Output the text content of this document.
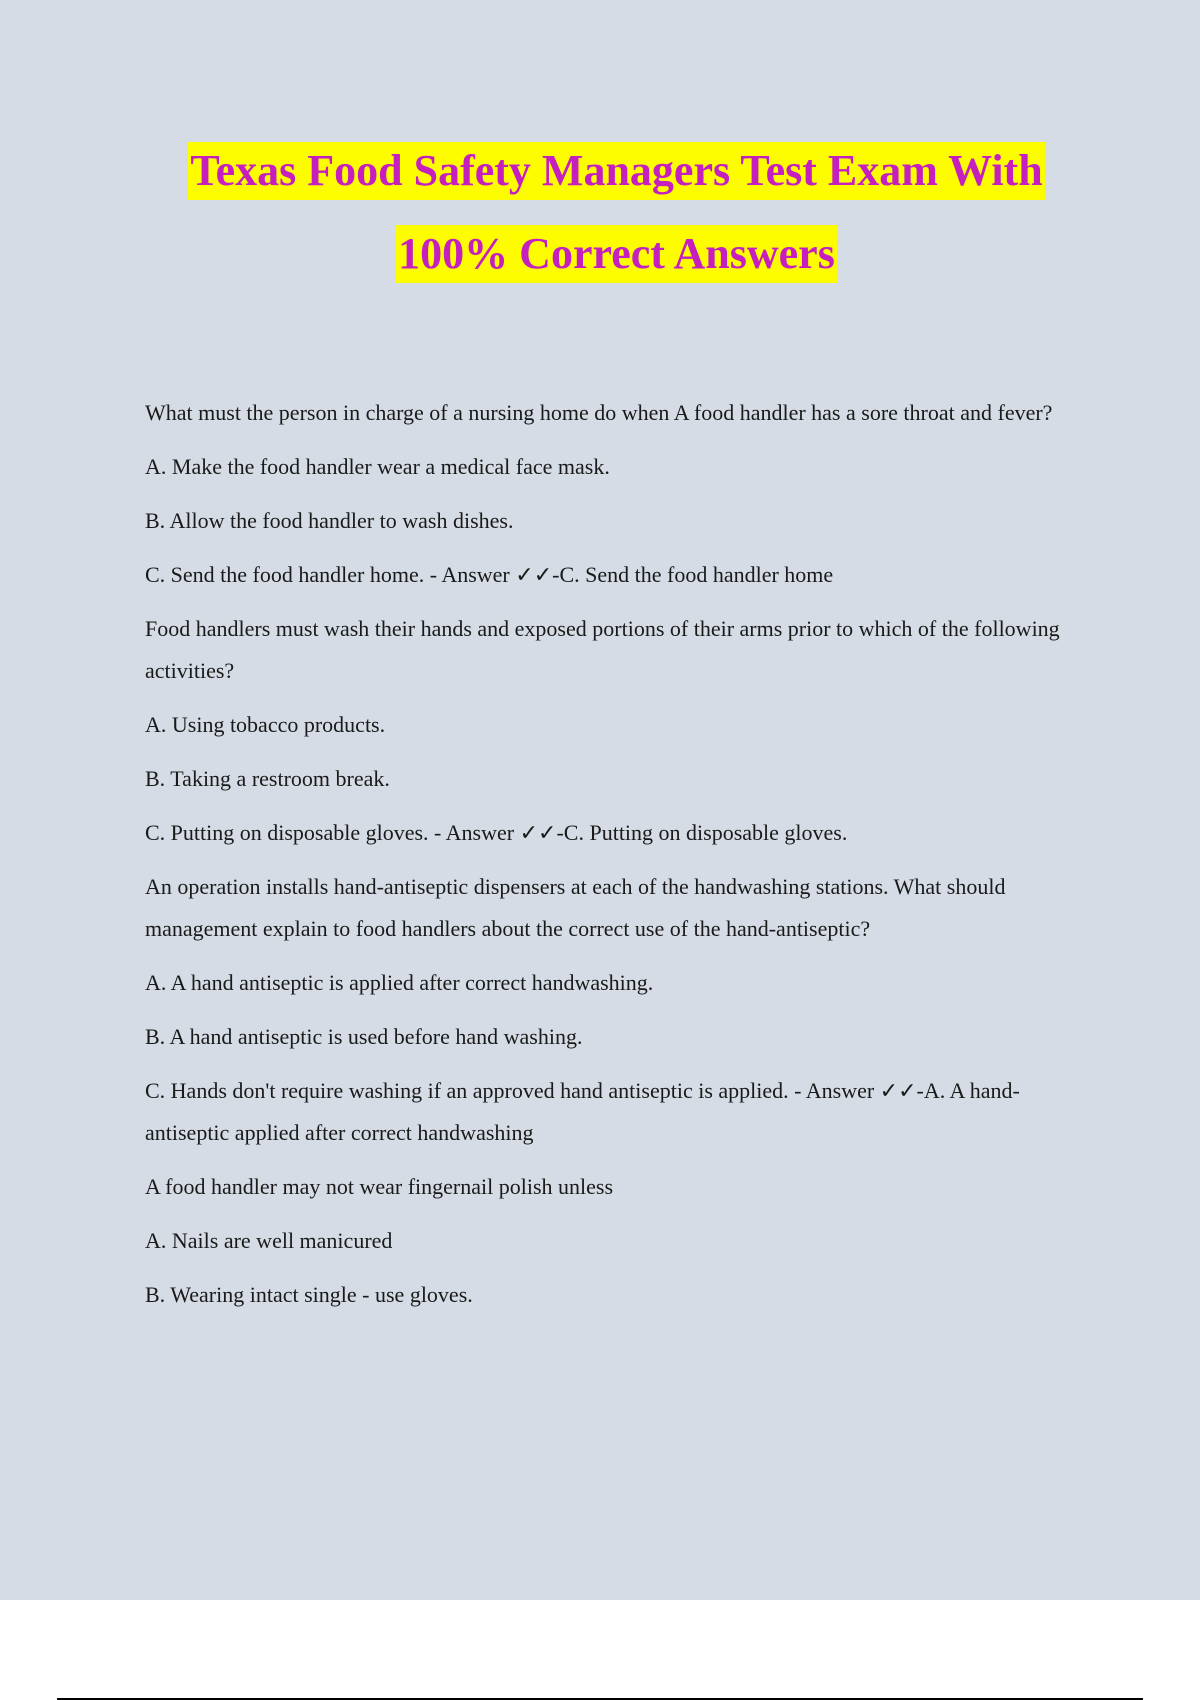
Texas Food Safety Managers Test Exam With
100% Correct Answers

What must the person in charge of a nursing home do when A food handler has a sore throat and fever?

A. Make the food handler wear a medical face mask.

B. Allow the food handler to wash dishes.

C. Send the food handler home. - Answer ✓✓-C. Send the food handler home

Food handlers must wash their hands and exposed portions of their arms prior to which of the following activities?

A. Using tobacco products.

B. Taking a restroom break.

C. Putting on disposable gloves. - Answer ✓✓-C. Putting on disposable gloves.

An operation installs hand-antiseptic dispensers at each of the handwashing stations. What should management explain to food handlers about the correct use of the hand-antiseptic?

A. A hand antiseptic is applied after correct handwashing.

B. A hand antiseptic is used before hand washing.

C. Hands don't require washing if an approved hand antiseptic is applied. - Answer ✓✓-A. A hand-antiseptic applied after correct handwashing

A food handler may not wear fingernail polish unless

A. Nails are well manicured

B. Wearing intact single - use gloves.
